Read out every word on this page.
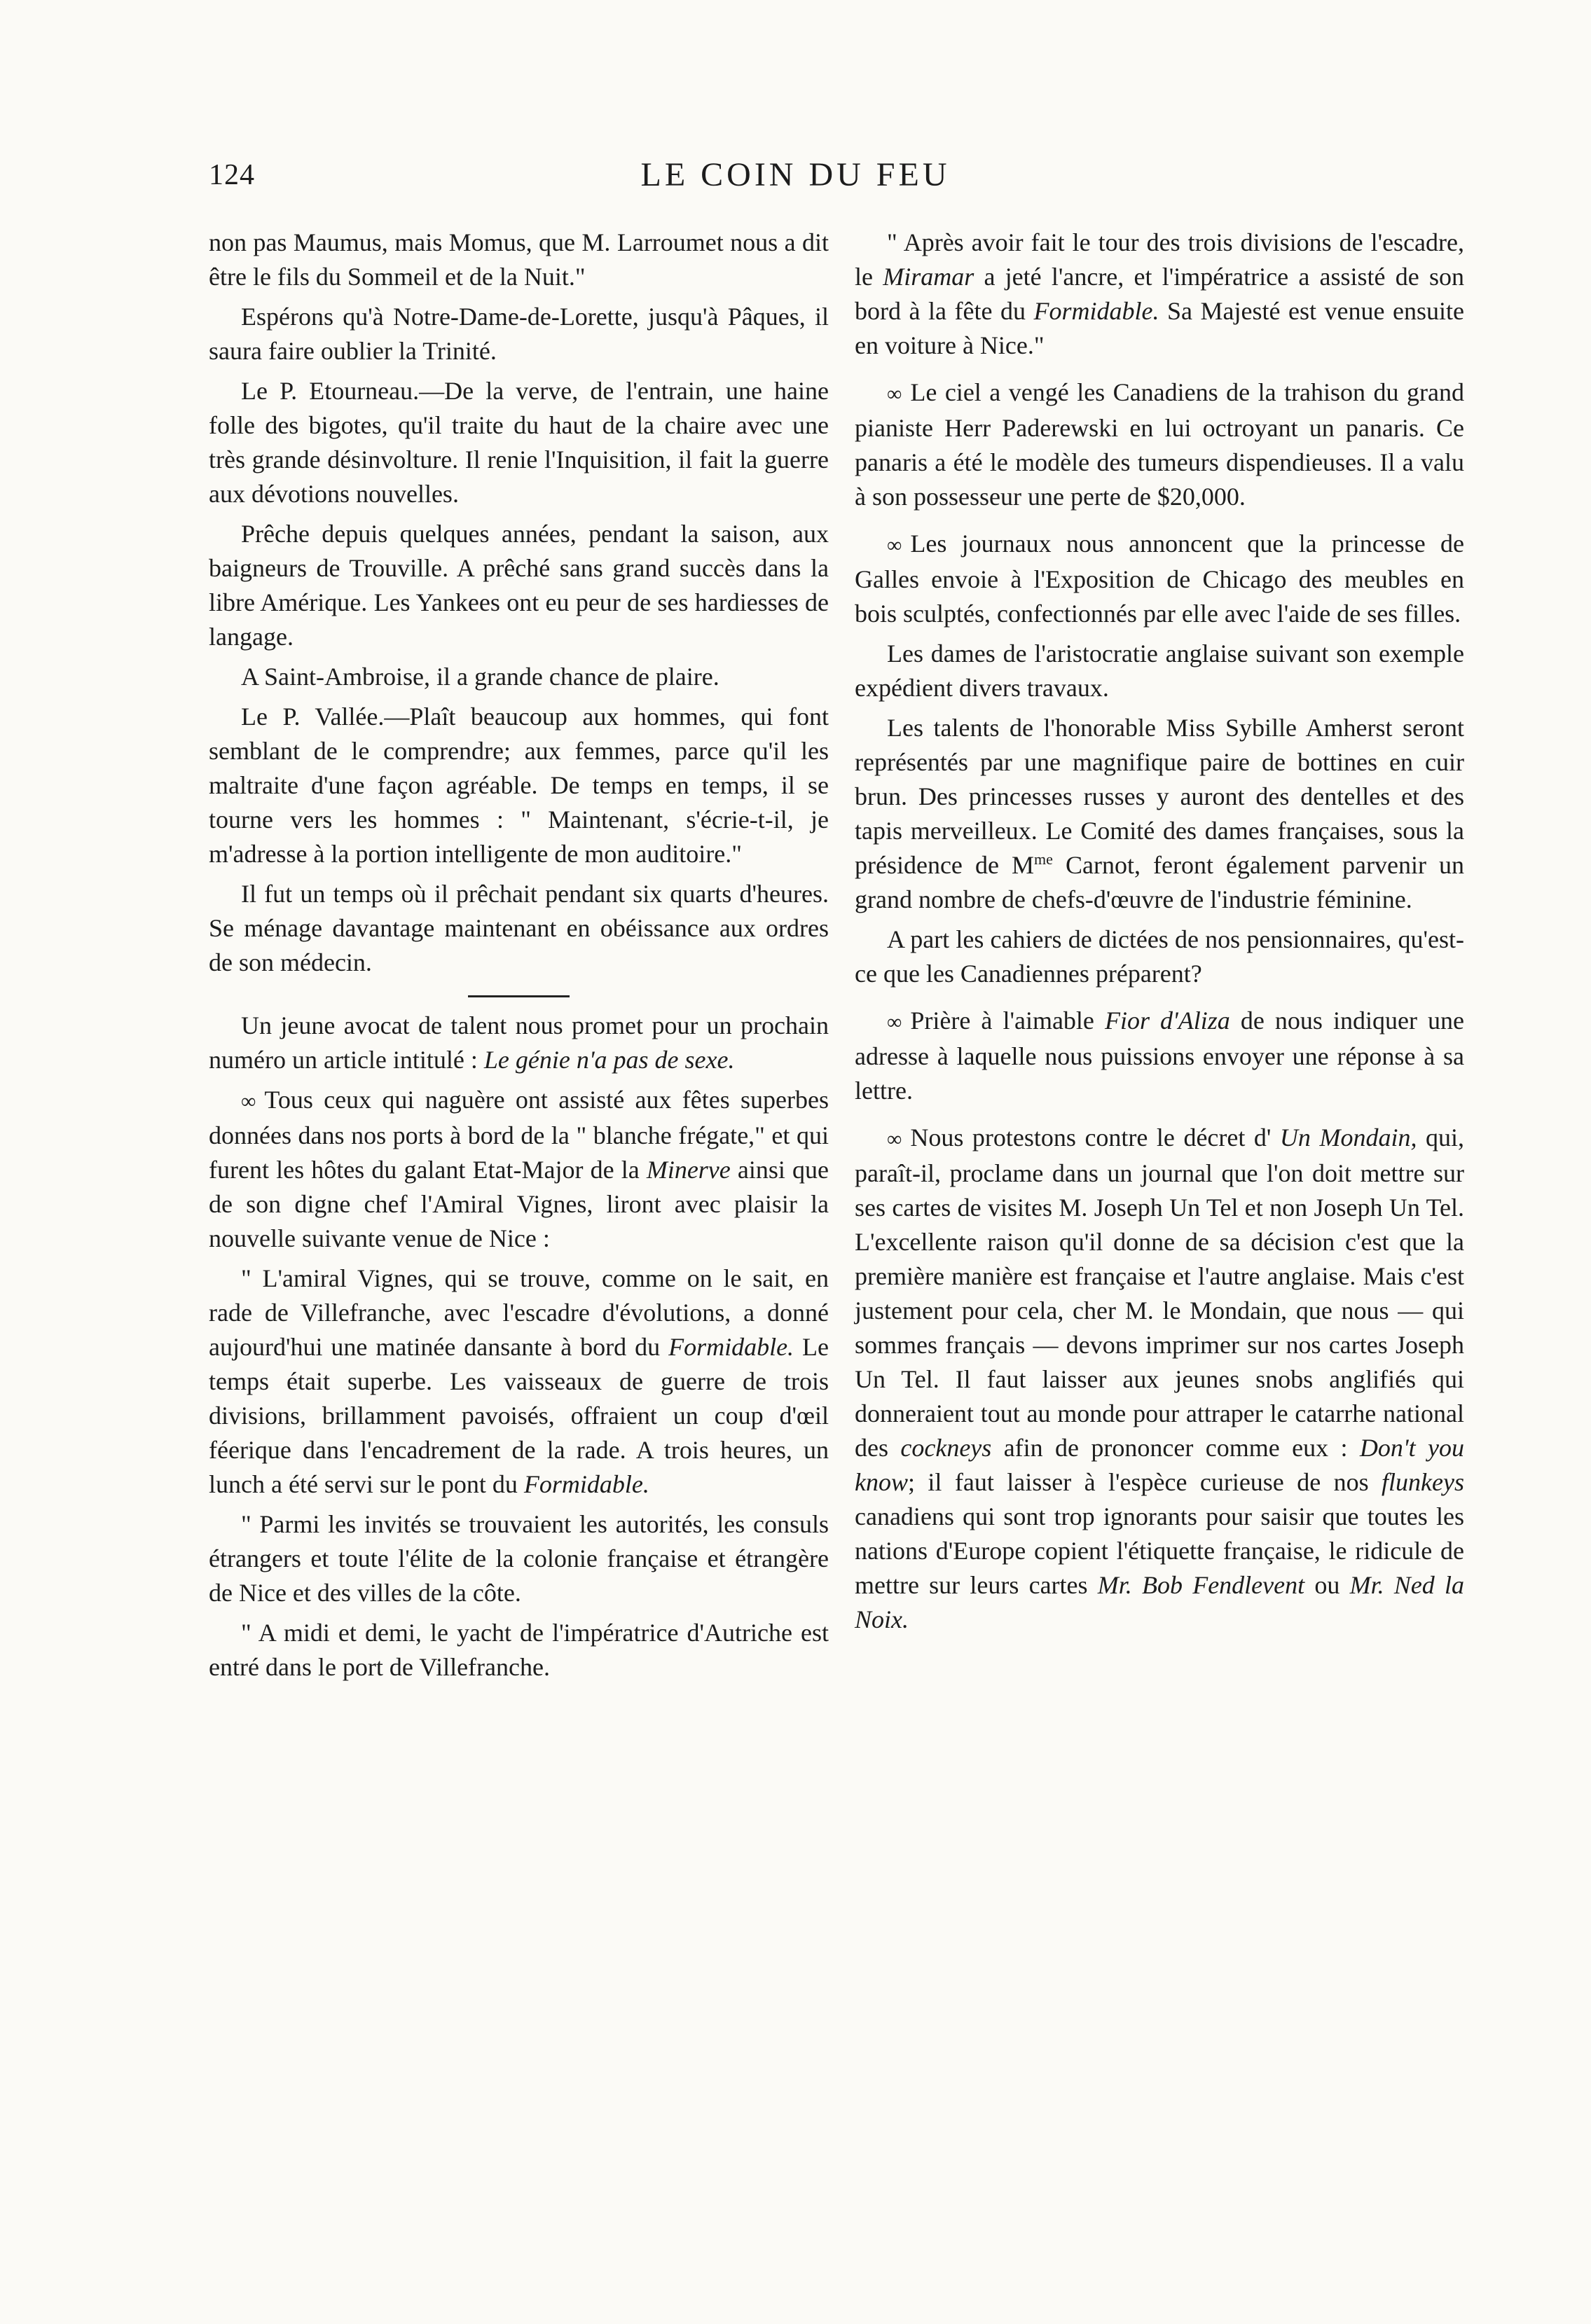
124	LE COIN DU FEU

non pas Maumus, mais Momus, que M. Larroumet nous a dit être le fils du Sommeil et de la Nuit."

Espérons qu'à Notre-Dame-de-Lorette, jusqu'à Pâques, il saura faire oublier la Trinité.

Le P. Etourneau.—De la verve, de l'entrain, une haine folle des bigotes, qu'il traite du haut de la chaire avec une très grande désinvolture. Il renie l'Inquisition, il fait la guerre aux dévotions nouvelles.

Prêche depuis quelques années, pendant la saison, aux baigneurs de Trouville. A prêché sans grand succès dans la libre Amérique. Les Yankees ont eu peur de ses hardiesses de langage.

A Saint-Ambroise, il a grande chance de plaire.

Le P. Vallée.—Plaît beaucoup aux hommes, qui font semblant de le comprendre; aux femmes, parce qu'il les maltraite d'une façon agréable. De temps en temps, il se tourne vers les hommes : " Maintenant, s'écrie-t-il, je m'adresse à la portion intelligente de mon auditoire."

Il fut un temps où il prêchait pendant six quarts d'heures. Se ménage davantage maintenant en obéissance aux ordres de son médecin.

Un jeune avocat de talent nous promet pour un prochain numéro un article intitulé : Le génie n'a pas de sexe.

∞ Tous ceux qui naguère ont assisté aux fêtes superbes données dans nos ports à bord de la " blanche frégate," et qui furent les hôtes du galant Etat-Major de la Minerve ainsi que de son digne chef l'Amiral Vignes, liront avec plaisir la nouvelle suivante venue de Nice :

" L'amiral Vignes, qui se trouve, comme on le sait, en rade de Villefranche, avec l'escadre d'évolutions, a donné aujourd'hui une matinée dansante à bord du Formidable. Le temps était superbe. Les vaisseaux de guerre de trois divisions, brillamment pavoisés, offraient un coup d'œil féerique dans l'encadrement de la rade. A trois heures, un lunch a été servi sur le pont du Formidable.

" Parmi les invités se trouvaient les autorités, les consuls étrangers et toute l'élite de la colonie française et étrangère de Nice et des villes de la côte.

" A midi et demi, le yacht de l'impératrice d'Autriche est entré dans le port de Villefranche.

" Après avoir fait le tour des trois divisions de l'escadre, le Miramar a jeté l'ancre, et l'impératrice a assisté de son bord à la fête du Formidable. Sa Majesté est venue ensuite en voiture à Nice."

∞ Le ciel a vengé les Canadiens de la trahison du grand pianiste Herr Paderewski en lui octroyant un panaris. Ce panaris a été le modèle des tumeurs dispendieuses. Il a valu à son possesseur une perte de $20,000.

∞ Les journaux nous annoncent que la princesse de Galles envoie à l'Exposition de Chicago des meubles en bois sculptés, confectionnés par elle avec l'aide de ses filles.

Les dames de l'aristocratie anglaise suivant son exemple expédient divers travaux.

Les talents de l'honorable Miss Sybille Amherst seront représentés par une magnifique paire de bottines en cuir brun. Des princesses russes y auront des dentelles et des tapis merveilleux. Le Comité des dames françaises, sous la présidence de $M^{me}$ Carnot, feront également parvenir un grand nombre de chefs-d'œuvre de l'industrie féminine.

A part les cahiers de dictées de nos pensionnaires, qu'est-ce que les Canadiennes préparent?

∞ Prière à l'aimable Fior d'Aliza de nous indiquer une adresse à laquelle nous puissions envoyer une réponse à sa lettre.

∞ Nous protestons contre le décret d' Un Mondain, qui, paraît-il, proclame dans un journal que l'on doit mettre sur ses cartes de visites M. Joseph Un Tel et non Joseph Un Tel. L'excellente raison qu'il donne de sa décision c'est que la première manière est française et l'autre anglaise. Mais c'est justement pour cela, cher M. le Mondain, que nous — qui sommes français — devons imprimer sur nos cartes Joseph Un Tel. Il faut laisser aux jeunes snobs anglifiés qui donneraient tout au monde pour attraper le catarrhe national des cockneys afin de prononcer comme eux : Don't you know; il faut laisser à l'espèce curieuse de nos flunkeys canadiens qui sont trop ignorants pour saisir que toutes les nations d'Europe copient l'étiquette française, le ridicule de mettre sur leurs cartes Mr. Bob Fendlevent ou Mr. Ned la Noix.
